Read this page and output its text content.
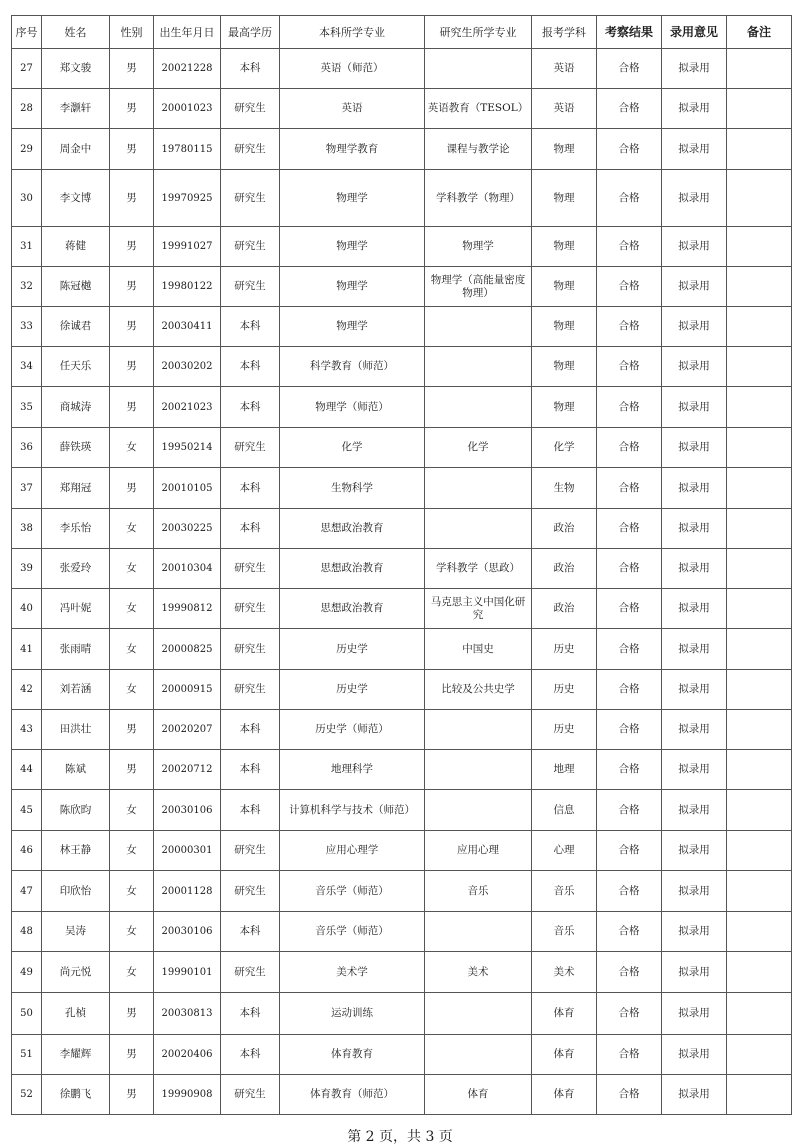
序号	姓名	性别	出生年月日	最高学历	本科所学专业	研究生所学专业	报考学科	考察结果	录用意见	备注
27	郑文骏	男	20021228	本科	英语（师范）		英语	合格	拟录用	
28	李灏轩	男	20001023	研究生	英语	英语教育（TESOL）	英语	合格	拟录用	
29	周金中	男	19780115	研究生	物理学教育	课程与教学论	物理	合格	拟录用	
30	李文博	男	19970925	研究生	物理学	学科教学（物理）	物理	合格	拟录用	
31	蒋健	男	19991027	研究生	物理学	物理学	物理	合格	拟录用	
32	陈冠樾	男	19980122	研究生	物理学	物理学（高能量密度物理）	物理	合格	拟录用	
33	徐诚君	男	20030411	本科	物理学		物理	合格	拟录用	
34	任天乐	男	20030202	本科	科学教育（师范）		物理	合格	拟录用	
35	商城涛	男	20021023	本科	物理学（师范）		物理	合格	拟录用	
36	薛铁瑛	女	19950214	研究生	化学	化学	化学	合格	拟录用	
37	郑翔冠	男	20010105	本科	生物科学		生物	合格	拟录用	
38	李乐怡	女	20030225	本科	思想政治教育		政治	合格	拟录用	
39	张爱玲	女	20010304	研究生	思想政治教育	学科教学（思政）	政治	合格	拟录用	
40	冯叶妮	女	19990812	研究生	思想政治教育	马克思主义中国化研究	政治	合格	拟录用	
41	张雨晴	女	20000825	研究生	历史学	中国史	历史	合格	拟录用	
42	刘若涵	女	20000915	研究生	历史学	比较及公共史学	历史	合格	拟录用	
43	田洪壮	男	20020207	本科	历史学（师范）		历史	合格	拟录用	
44	陈斌	男	20020712	本科	地理科学		地理	合格	拟录用	
45	陈欣昀	女	20030106	本科	计算机科学与技术（师范）		信息	合格	拟录用	
46	林王静	女	20000301	研究生	应用心理学	应用心理	心理	合格	拟录用	
47	印欣怡	女	20001128	研究生	音乐学（师范）	音乐	音乐	合格	拟录用	
48	吴涛	女	20030106	本科	音乐学（师范）		音乐	合格	拟录用	
49	尚元悦	女	19990101	研究生	美术学	美术	美术	合格	拟录用	
50	孔楨	男	20030813	本科	运动训练		体育	合格	拟录用	
51	李耀辉	男	20020406	本科	体育教育		体育	合格	拟录用	
52	徐鹏飞	男	19990908	研究生	体育教育（师范）	体育	体育	合格	拟录用	
第 2 页，共 3 页
